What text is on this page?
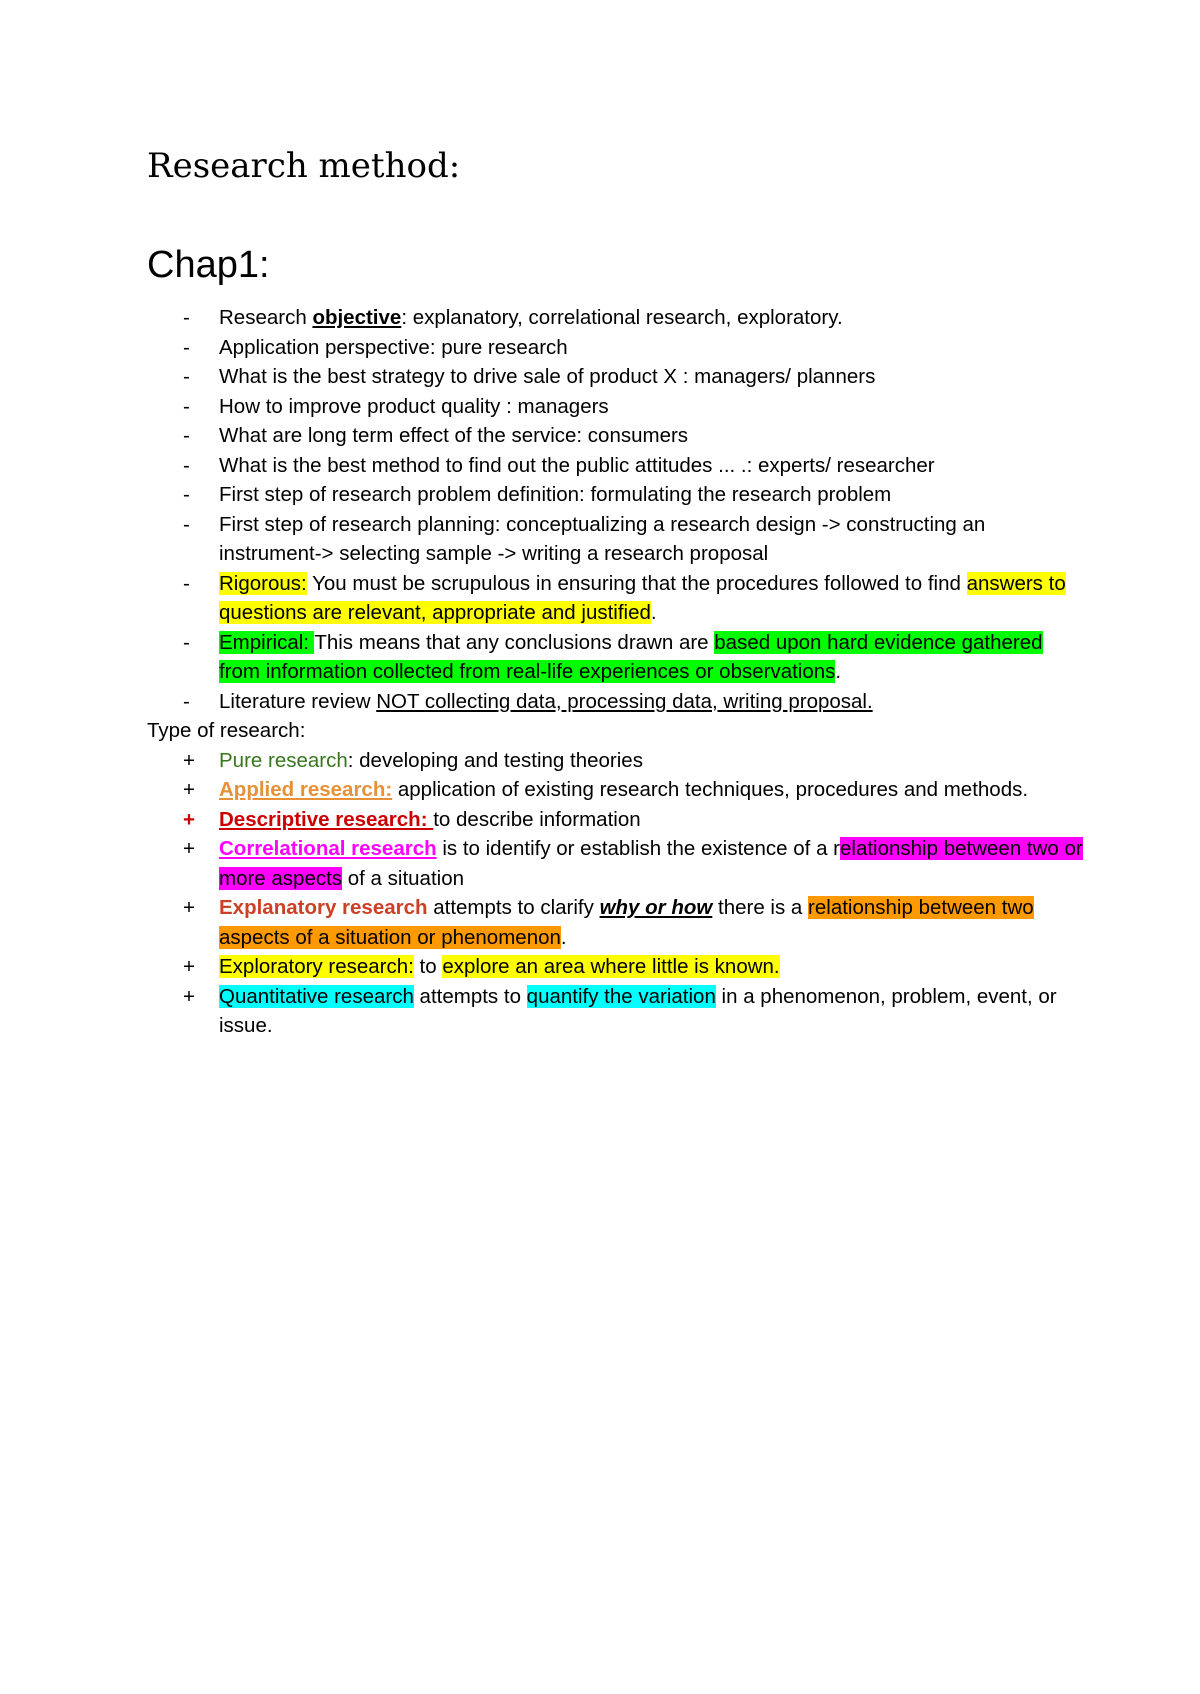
Research method:
Chap1:
- Research objective: explanatory, correlational research, exploratory.
- Application perspective: pure research
- What is the best strategy to drive sale of product X : managers/ planners
- How to improve product quality : managers
- What are long term effect of the service: consumers
- What is the best method to find out the public attitudes ... .: experts/ researcher
- First step of research problem definition: formulating the research problem
- First step of research planning: conceptualizing a research design -> constructing an instrument-> selecting sample -> writing a research proposal
- Rigorous: You must be scrupulous in ensuring that the procedures followed to find answers to questions are relevant, appropriate and justified.
- Empirical: This means that any conclusions drawn are based upon hard evidence gathered from information collected from real-life experiences or observations.
- Literature review NOT collecting data, processing data, writing proposal.
Type of research:
+ Pure research: developing and testing theories
+ Applied research: application of existing research techniques, procedures and methods.
+ Descriptive research: to describe information
+ Correlational research is to identify or establish the existence of a relationship between two or more aspects of a situation
+ Explanatory research attempts to clarify why or how there is a relationship between two aspects of a situation or phenomenon.
+ Exploratory research: to explore an area where little is known.
+ Quantitative research attempts to quantify the variation in a phenomenon, problem, event, or issue.
